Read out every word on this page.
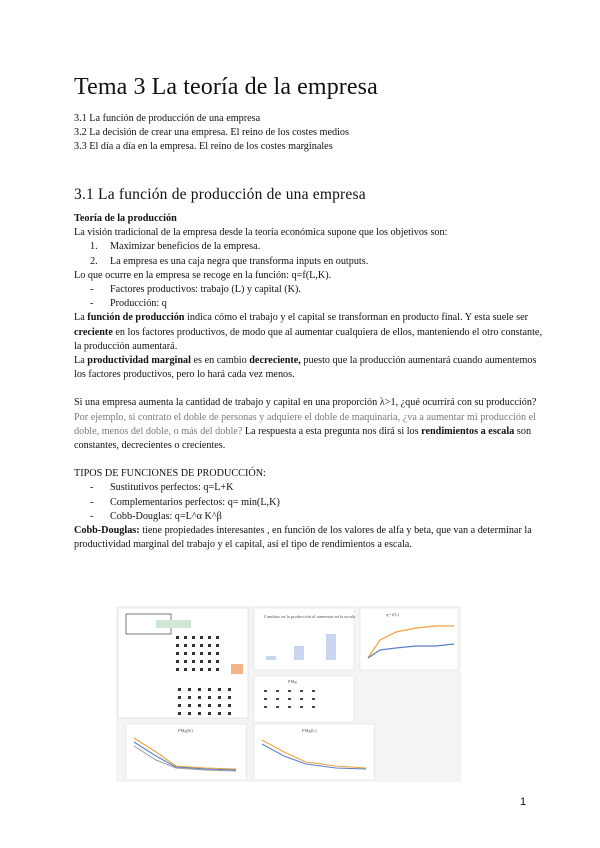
Tema 3 La teoría de la empresa
3.1 La función de producción de una empresa
3.2 La decisión de crear una empresa. El reino de los costes medios
3.3 El día a día en la empresa. El reino de los costes marginales
3.1 La función de producción de una empresa

Teoría de la producción

La visión tradicional de la empresa desde la teoría económica supone que los objetivos son:

1.	Maximizar beneficios de la empresa.
2.	La empresa es una caja negra que transforma inputs en outputs.

Lo que ocurre en la empresa se recoge en la función: q=f(L,K).

-	Factores productivos: trabajo (L) y capital (K).
-	Producción: q

La función de producción indica cómo el trabajo y el capital se transforman en producto final. Y esta suele ser creciente en los factores productivos, de modo que al aumentar cualquiera de ellos, manteniendo el otro constante, la producción aumentará.

La productividad marginal es en cambio decreciente, puesto que la producción aumentará cuando aumentemos los factores productivos, pero lo hará cada vez menos.

Si una empresa aumenta la cantidad de trabajo y capital en una proporción λ>1, ¿qué ocurrirá con su producción?

Por ejemplo, si contrato el doble de personas y adquiere el doble de maquinaria, ¿va a aumentar mi producción el doble, menos del doble, o más del doble? La respuesta a esta pregunta nos dirá si los rendimientos a escala son constantes, decrecientes o crecientes.

TIPOS DE FUNCIONES DE PRODUCCIÓN:

-	Sustitutivos perfectos: q=L+K
-	Complementarios perfectos: q= min(L,K)
-	Cobb-Douglas: q=L^α K^β

Cobb-Douglas: tiene propiedades interesantes , en función de los valores de alfa y beta, que van a determinar la productividad marginal del trabajo y el capital, así el tipo de rendimientos a escala.

Cambios en la producción al aumentar en la escala	q= f(L)
PMg
PMg(K)	PMg(L)
1
